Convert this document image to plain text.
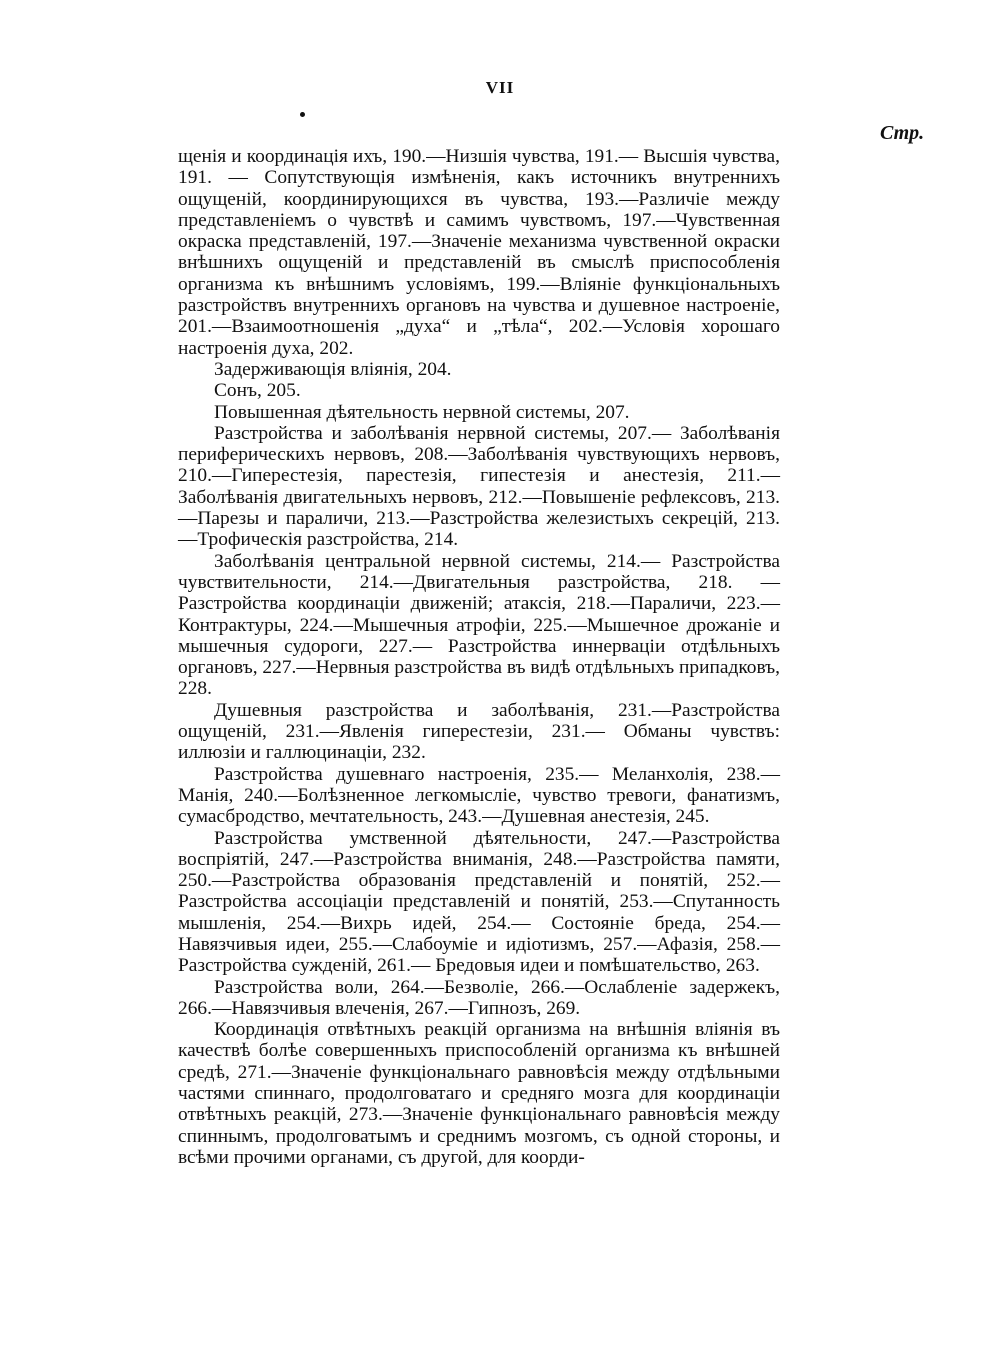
VII
Стр.

щенія и координація ихъ, 190.—Низшія чувства, 191.— Высшія чувства, 191. — Сопутствующія измѣненія, какъ источникъ внутреннихъ ощущеній, координирующихся въ чувства, 193.—Различіе между представленіемъ о чувствѣ и самимъ чувствомъ, 197.—Чувственная окраска представленій, 197.—Значеніе механизма чувственной окраски внѣшнихъ ощущеній и представленій въ смыслѣ приспособленія организма къ внѣшнимъ условіямъ, 199.—Вліяніе функціональныхъ разстройствъ внутреннихъ органовъ на чувства и душевное настроеніе, 201.—Взаимоотношенія „духа“ и „тѣла“, 202.—Условія хорошаго настроенія духа, 202.

Задерживающія вліянія, 204.

Сонъ, 205.

Повышенная дѣятельность нервной системы, 207.

Разстройства и заболѣванія нервной системы, 207.— Заболѣванія периферическихъ нервовъ, 208.—Заболѣванія чувствующихъ нервовъ, 210.—Гиперестезія, парестезія, гипестезія и анестезія, 211.—Заболѣванія двигательныхъ нервовъ, 212.—Повышеніе рефлексовъ, 213.—Парезы и параличи, 213.—Разстройства железистыхъ секрецій, 213.—Трофическія разстройства, 214.

Заболѣванія центральной нервной системы, 214.— Разстройства чувствительности, 214.—Двигательныя разстройства, 218. — Разстройства координаціи движеній; атаксія, 218.—Параличи, 223.—Контрактуры, 224.—Мышечныя атрофіи, 225.—Мышечное дрожаніе и мышечныя судороги, 227.— Разстройства иннерваціи отдѣльныхъ органовъ, 227.—Нервныя разстройства въ видѣ отдѣльныхъ припадковъ, 228.

Душевныя разстройства и заболѣванія, 231.—Разстройства ощущеній, 231.—Явленія гиперестезіи, 231.— Обманы чувствъ: иллюзіи и галлюцинаціи, 232.

Разстройства душевнаго настроенія, 235.— Меланхолія, 238.—Манія, 240.—Болѣзненное легкомысліе, чувство тревоги, фанатизмъ, сумасбродство, мечтательность, 243.—Душевная анестезія, 245.

Разстройства умственной дѣятельности, 247.—Разстройства воспріятій, 247.—Разстройства вниманія, 248.—Разстройства памяти, 250.—Разстройства образованія представленій и понятій, 252.—Разстройства ассоціаціи представленій и понятій, 253.—Спутанность мышленія, 254.—Вихрь идей, 254.— Состояніе бреда, 254.—Навязчивыя идеи, 255.—Слабоуміе и идіотизмъ, 257.—Афазія, 258.—Разстройства сужденій, 261.— Бредовыя идеи и помѣшательство, 263.

Разстройства воли, 264.—Безволіе, 266.—Ослабленіе задержекъ, 266.—Навязчивыя влеченія, 267.—Гипнозъ, 269.

Координація отвѣтныхъ реакцій организма на внѣшнія вліянія въ качествѣ болѣе совершенныхъ приспособленій организма къ внѣшней средѣ, 271.—Значеніе функціональнаго равновѣсія между отдѣльными частями спиннаго, продолговатаго и средняго мозга для координаціи отвѣтныхъ реакцій, 273.—Значеніе функціональнаго равновѣсія между спиннымъ, продолговатымъ и среднимъ мозгомъ, съ одной стороны, и всѣми прочими органами, съ другой, для коорди-
